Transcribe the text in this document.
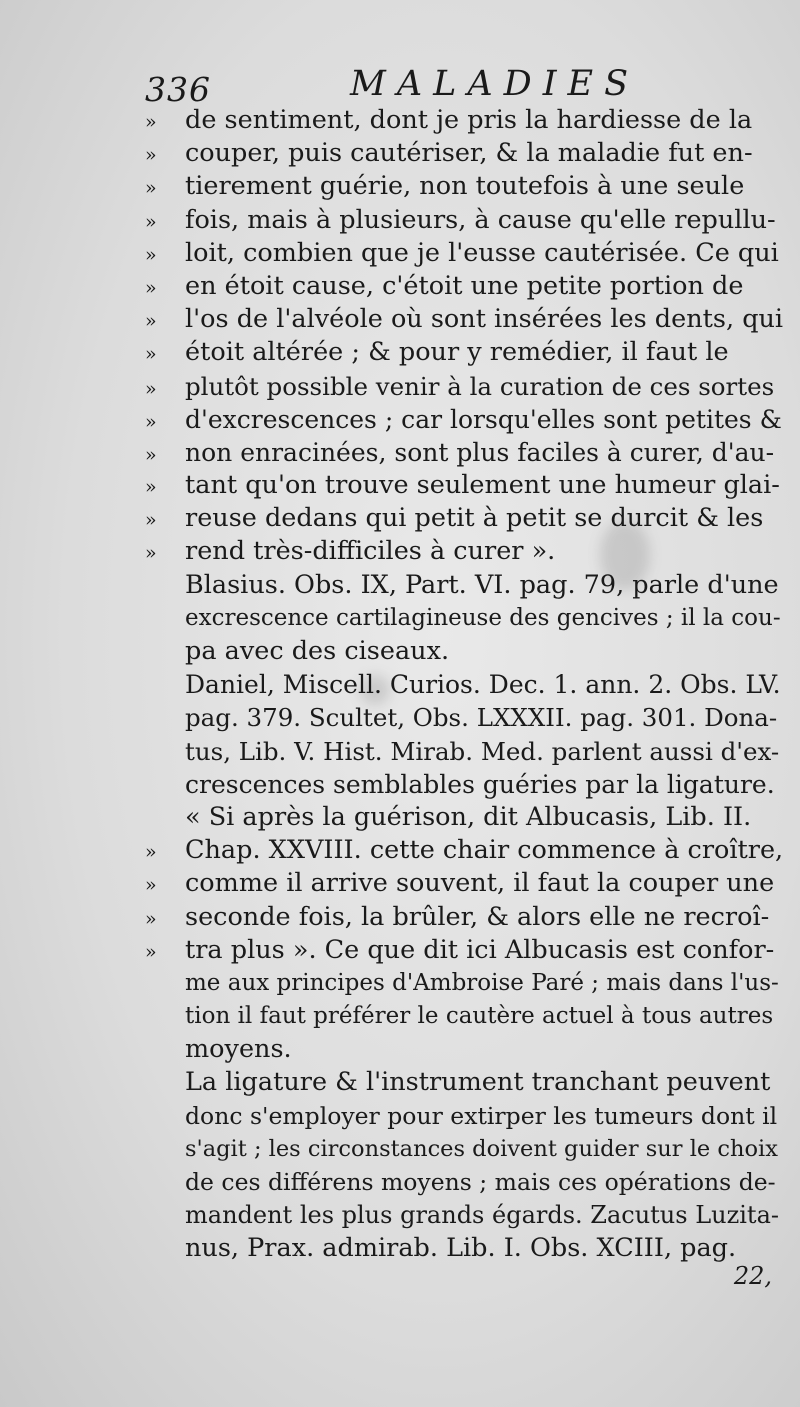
336	MALADIES
» de sentiment, dont je pris la hardiesse de la
» couper, puis cautériser, & la maladie fut en-
» tierement guérie, non toutefois à une seule
» fois, mais à plusieurs, à cause qu'elle repullu-
» loit, combien que je l'eusse cautérisée. Ce qui
» en étoit cause, c'étoit une petite portion de
» l'os de l'alvéole où sont insérées les dents, qui
» étoit altérée ; & pour y remédier, il faut le
» plutôt possible venir à la curation de ces sortes
» d'excrescences ; car lorsqu'elles sont petites &
» non enracinées, sont plus faciles à curer, d'au-
» tant qu'on trouve seulement une humeur glai-
» reuse dedans qui petit à petit se durcit & les
» rend très-difficiles à curer ».
Blasius. Obs. IX, Part. VI. pag. 79, parle d'une
excrescence cartilagineuse des gencives ; il la cou-
pa avec des ciseaux.
Daniel, Miscell. Curios. Dec. 1. ann. 2. Obs. LV.
pag. 379. Scultet, Obs. LXXXII. pag. 301. Dona-
tus, Lib. V. Hist. Mirab. Med. parlent aussi d'ex-
crescences semblables guéries par la ligature.
« Si après la guérison, dit Albucasis, Lib. II.
» Chap. XXVIII. cette chair commence à croître,
» comme il arrive souvent, il faut la couper une
» seconde fois, la brûler, & alors elle ne recroî-
» tra plus ». Ce que dit ici Albucasis est confor-
me aux principes d'Ambroise Paré ; mais dans l'us-
tion il faut préférer le cautère actuel à tous autres
moyens.
La ligature & l'instrument tranchant peuvent
donc s'employer pour extirper les tumeurs dont il
s'agit ; les circonstances doivent guider sur le choix
de ces différens moyens ; mais ces opérations de-
mandent les plus grands égards. Zacutus Luzita-
nus, Prax. admirab. Lib. I. Obs. XCIII, pag.
22,
